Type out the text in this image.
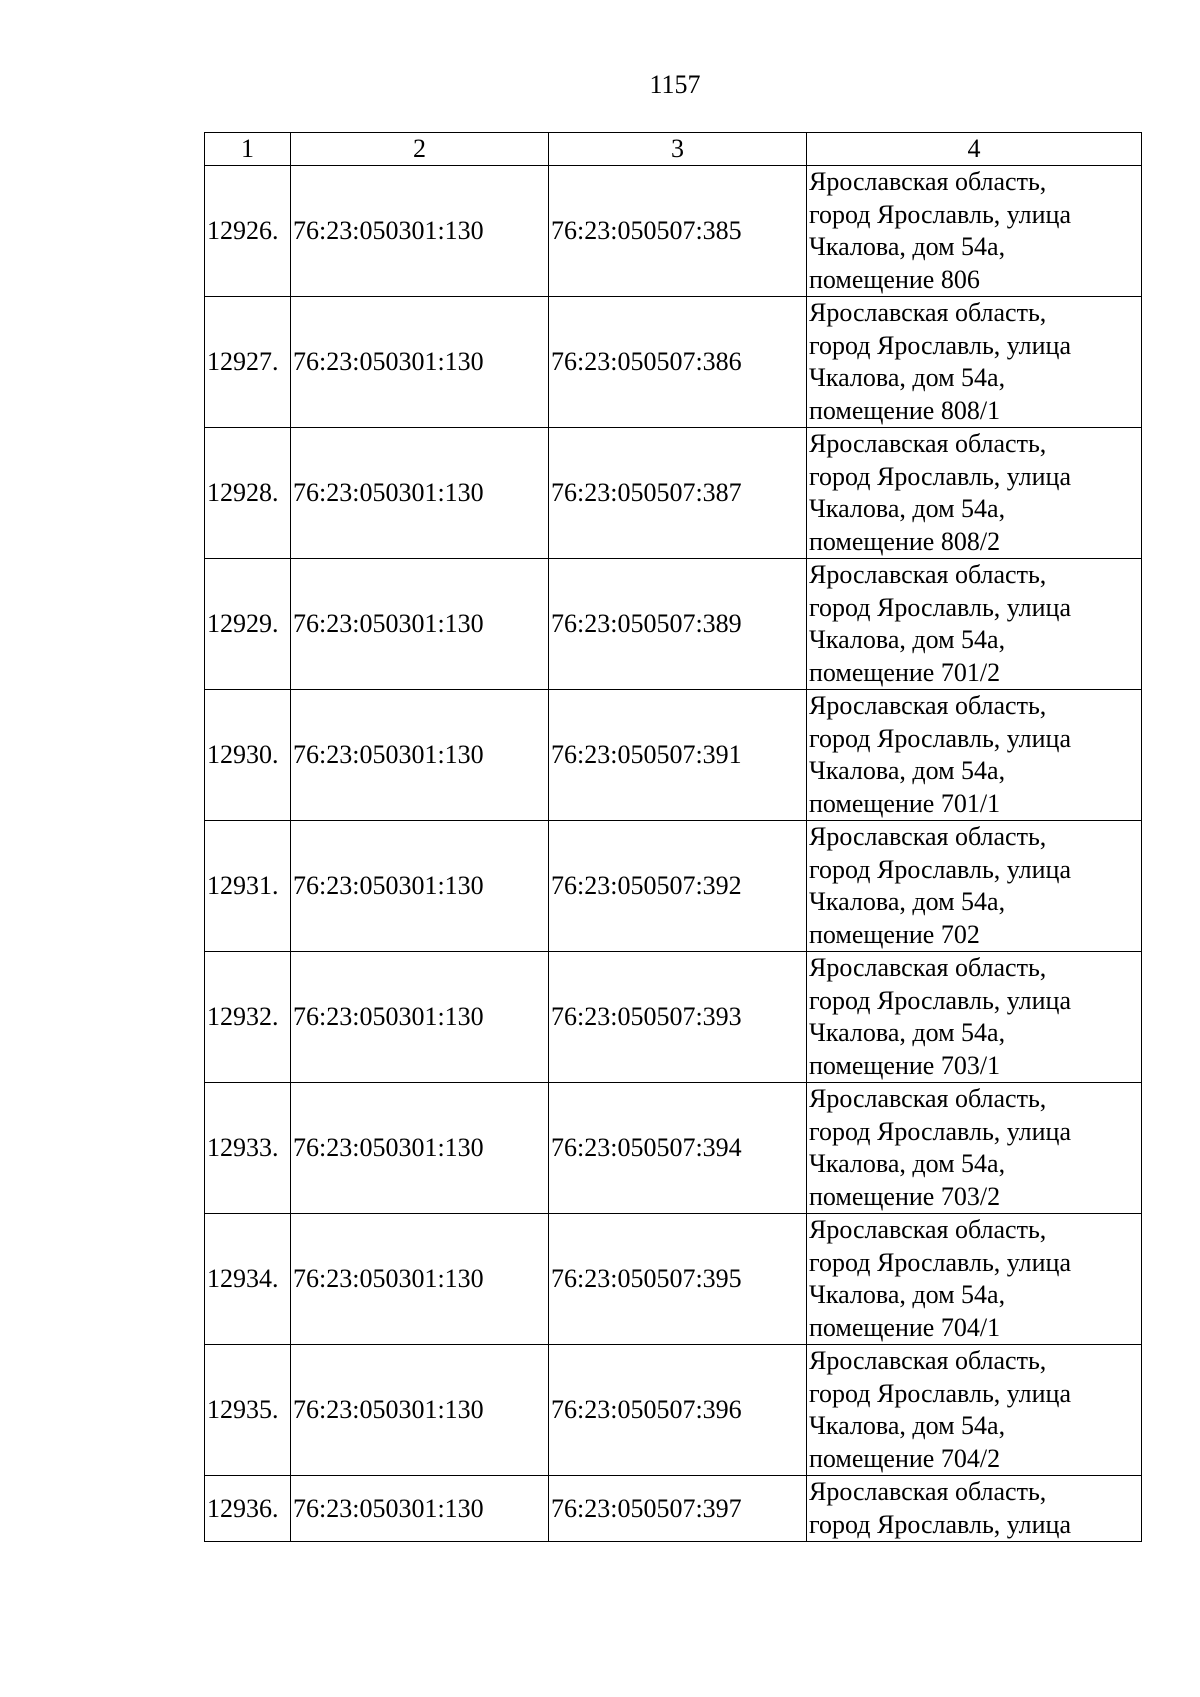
1157
1	2	3	4
12926.	76:23:050301:130	76:23:050507:385	Ярославская область,
город Ярославль, улица
Чкалова, дом 54а,
помещение 806

12927.	76:23:050301:130	76:23:050507:386	Ярославская область,
город Ярославль, улица
Чкалова, дом 54а,
помещение 808/1

12928.	76:23:050301:130	76:23:050507:387	Ярославская область,
город Ярославль, улица
Чкалова, дом 54а,
помещение 808/2

12929.	76:23:050301:130	76:23:050507:389	Ярославская область,
город Ярославль, улица
Чкалова, дом 54а,
помещение 701/2

12930.	76:23:050301:130	76:23:050507:391	Ярославская область,
город Ярославль, улица
Чкалова, дом 54а,
помещение 701/1

12931.	76:23:050301:130	76:23:050507:392	Ярославская область,
город Ярославль, улица
Чкалова, дом 54а,
помещение 702

12932.	76:23:050301:130	76:23:050507:393	Ярославская область,
город Ярославль, улица
Чкалова, дом 54а,
помещение 703/1

12933.	76:23:050301:130	76:23:050507:394	Ярославская область,
город Ярославль, улица
Чкалова, дом 54а,
помещение 703/2

12934.	76:23:050301:130	76:23:050507:395	Ярославская область,
город Ярославль, улица
Чкалова, дом 54а,
помещение 704/1

12935.	76:23:050301:130	76:23:050507:396	Ярославская область,
город Ярославль, улица
Чкалова, дом 54а,
помещение 704/2

12936.	76:23:050301:130	76:23:050507:397	Ярославская область,
город Ярославль, улица
